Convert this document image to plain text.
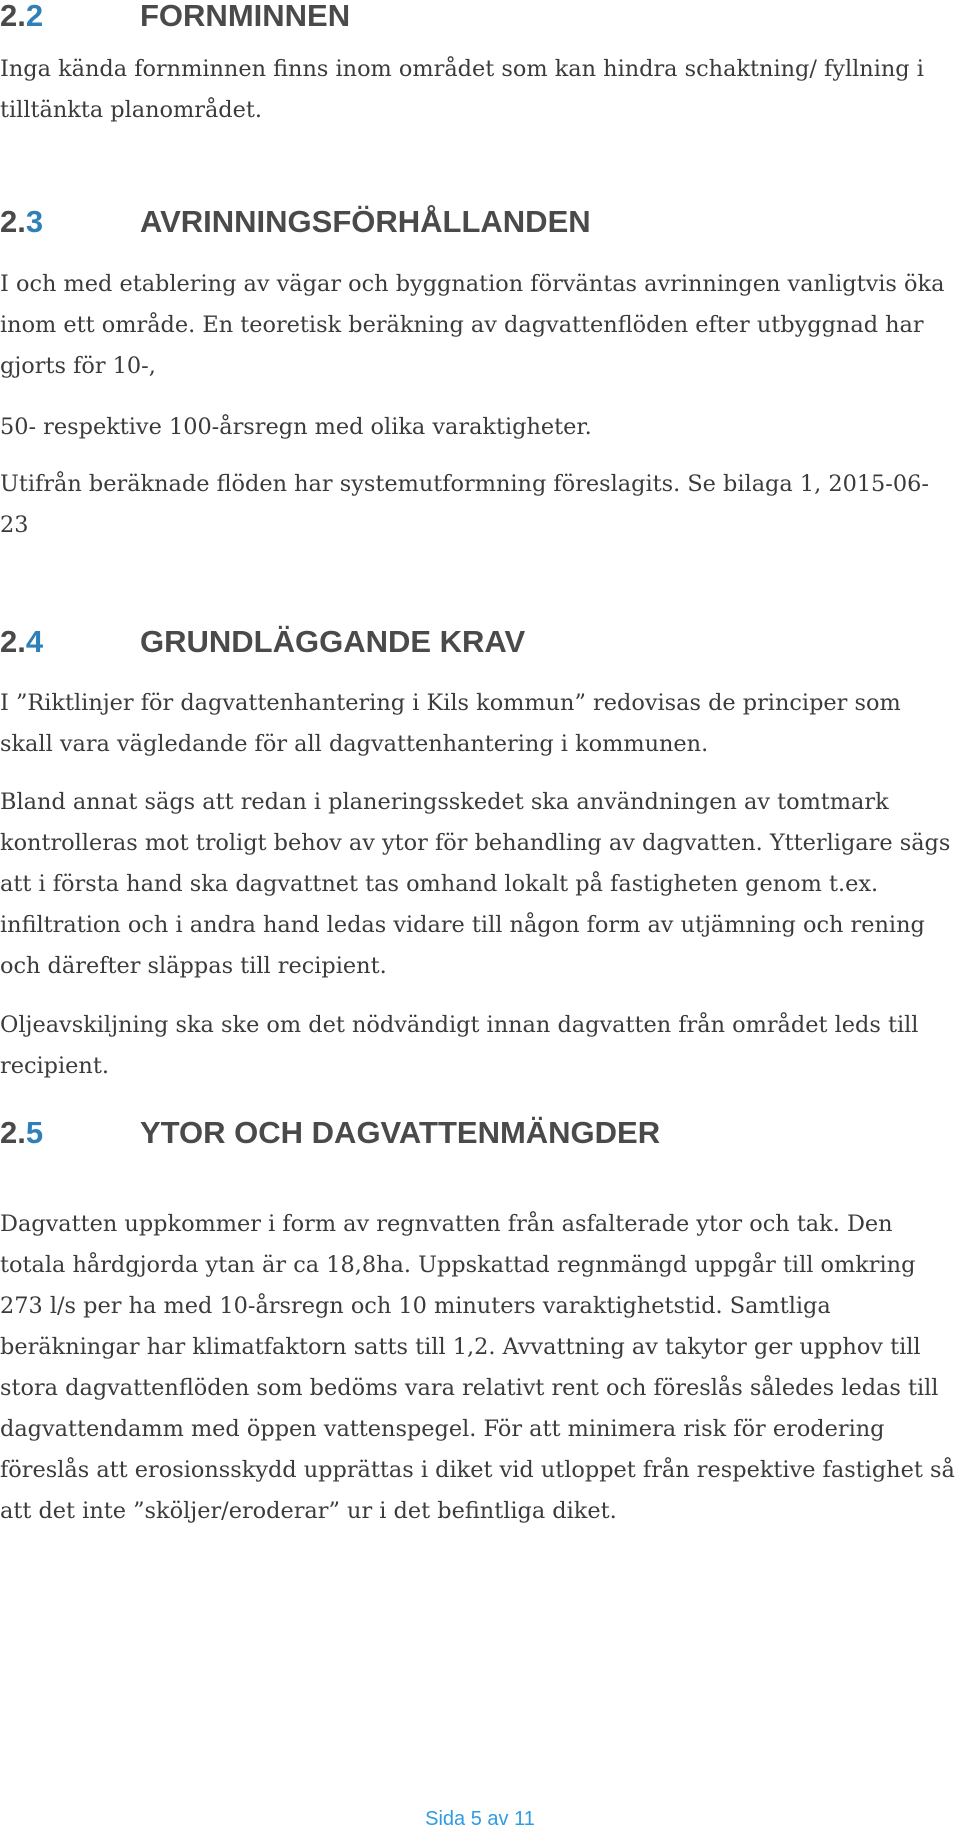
2.2	FORNMINNEN

Inga kända fornminnen finns inom området som kan hindra schaktning/ fyllning i
tilltänkta planområdet.

2.3	AVRINNINGSFÖRHÅLLANDEN

I och med etablering av vägar och byggnation förväntas avrinningen vanligtvis öka
inom ett område. En teoretisk beräkning av dagvattenflöden efter utbyggnad har
gjorts för 10-,

50- respektive 100-årsregn med olika varaktigheter.

Utifrån beräknade flöden har systemutformning föreslagits. Se bilaga 1, 2015-06-
23

2.4	GRUNDLÄGGANDE KRAV

I ”Riktlinjer för dagvattenhantering i Kils kommun” redovisas de principer som
skall vara vägledande för all dagvattenhantering i kommunen.

Bland annat sägs att redan i planeringsskedet ska användningen av tomtmark
kontrolleras mot troligt behov av ytor för behandling av dagvatten. Ytterligare sägs
att i första hand ska dagvattnet tas omhand lokalt på fastigheten genom t.ex.
infiltration och i andra hand ledas vidare till någon form av utjämning och rening
och därefter släppas till recipient.

Oljeavskiljning ska ske om det nödvändigt innan dagvatten från området leds till
recipient.

2.5	YTOR OCH DAGVATTENMÄNGDER

Dagvatten uppkommer i form av regnvatten från asfalterade ytor och tak. Den
totala hårdgjorda ytan är ca 18,8ha. Uppskattad regnmängd uppgår till omkring
273 l/s per ha med 10-årsregn och 10 minuters varaktighetstid. Samtliga
beräkningar har klimatfaktorn satts till 1,2. Avvattning av takytor ger upphov till
stora dagvattenflöden som bedöms vara relativt rent och föreslås således ledas till
dagvattendamm med öppen vattenspegel. För att minimera risk för erodering
föreslås att erosionsskydd upprättas i diket vid utloppet från respektive fastighet så
att det inte ”sköljer/eroderar” ur i det befintliga diket.

Sida 5 av 11
